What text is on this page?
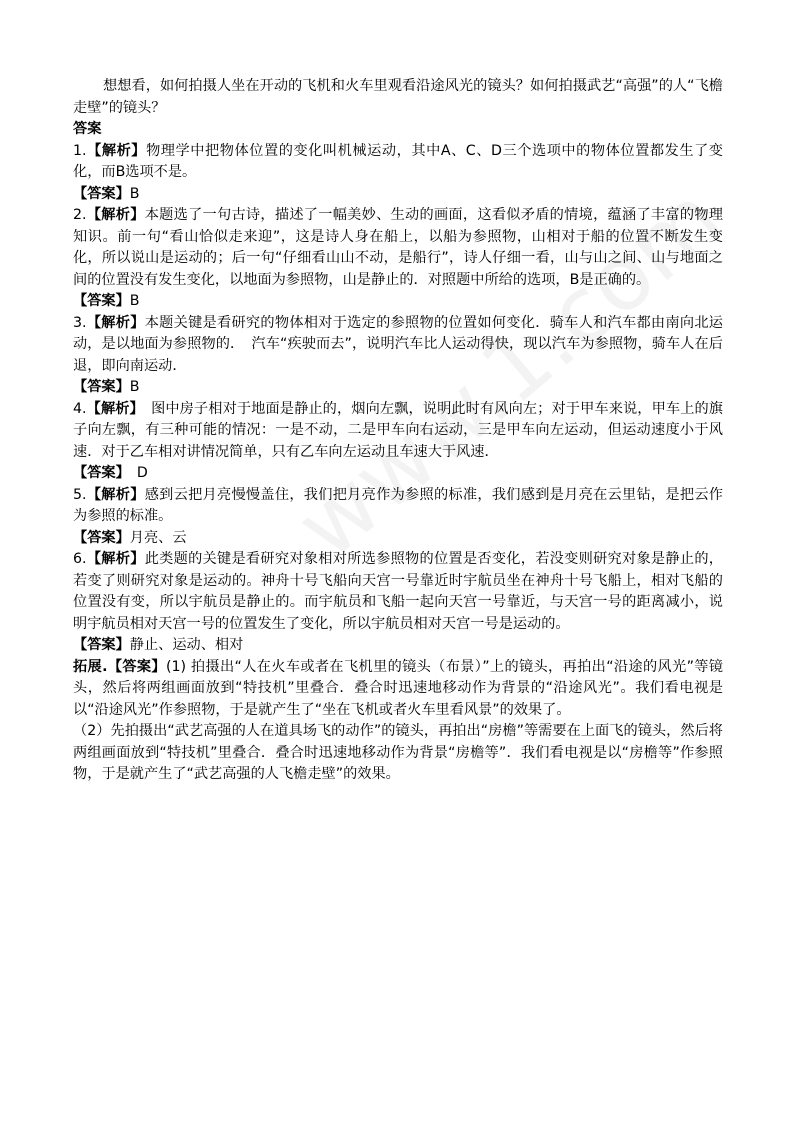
想想看，如何拍摄人坐在开动的飞机和火车里观看沿途风光的镜头？如何拍摄武艺“高强”的人“飞檐走壁”的镜头？

答案

1.【解析】物理学中把物体位置的变化叫机械运动，其中A、C、D三个选项中的物体位置都发生了变化，而B选项不是。

【答案】B

2.【解析】本题选了一句古诗，描述了一幅美妙、生动的画面，这看似矛盾的情境，蕴涵了丰富的物理知识。前一句“看山恰似走来迎”，这是诗人身在船上，以船为参照物，山相对于船的位置不断发生变化，所以说山是运动的；后一句“仔细看山山不动，是船行”，诗人仔细一看，山与山之间、山与地面之间的位置没有发生变化，以地面为参照物，山是静止的．对照题中所给的选项，B是正确的。

【答案】B

3.【解析】本题关键是看研究的物体相对于选定的参照物的位置如何变化．骑车人和汽车都由南向北运动，是以地面为参照物的．　汽车“疾驶而去”，说明汽车比人运动得快，现以汽车为参照物，骑车人在后退，即向南运动．

【答案】B

4.【解析】　图中房子相对于地面是静止的，烟向左飘，说明此时有风向左；对于甲车来说，甲车上的旗子向左飘，有三种可能的情况：一是不动，二是甲车向右运动，三是甲车向左运动，但运动速度小于风速．对于乙车相对讲情况简单，只有乙车向左运动且车速大于风速．

【答案】　D

5.【解析】感到云把月亮慢慢盖住，我们把月亮作为参照的标准，我们感到是月亮在云里钻，是把云作为参照的标准。

【答案】月亮、云

6.【解析】此类题的关键是看研究对象相对所选参照物的位置是否变化，若没变则研究对象是静止的，若变了则研究对象是运动的。神舟十号飞船向天宫一号靠近时宇航员坐在神舟十号飞船上，相对飞船的位置没有变，所以宇航员是静止的。而宇航员和飞船一起向天宫一号靠近，与天宫一号的距离减小，说明宇航员相对天宫一号的位置发生了变化，所以宇航员相对天宫一号是运动的。

【答案】静止、运动、相对

拓展.【答案】(1) 拍摄出“人在火车或者在飞机里的镜头（布景）”上的镜头，再拍出“沿途的风光”等镜头，然后将两组画面放到“特技机”里叠合．叠合时迅速地移动作为背景的“沿途风光”。我们看电视是以“沿途风光”作参照物，于是就产生了“坐在飞机或者火车里看风景”的效果了。

（2）先拍摄出“武艺高强的人在道具场飞的动作”的镜头，再拍出“房檐”等需要在上面飞的镜头，然后将两组画面放到“特技机”里叠合．叠合时迅速地移动作为背景“房檐等”．我们看电视是以“房檐等”作参照物，于是就产生了“武艺高强的人飞檐走壁”的效果。
